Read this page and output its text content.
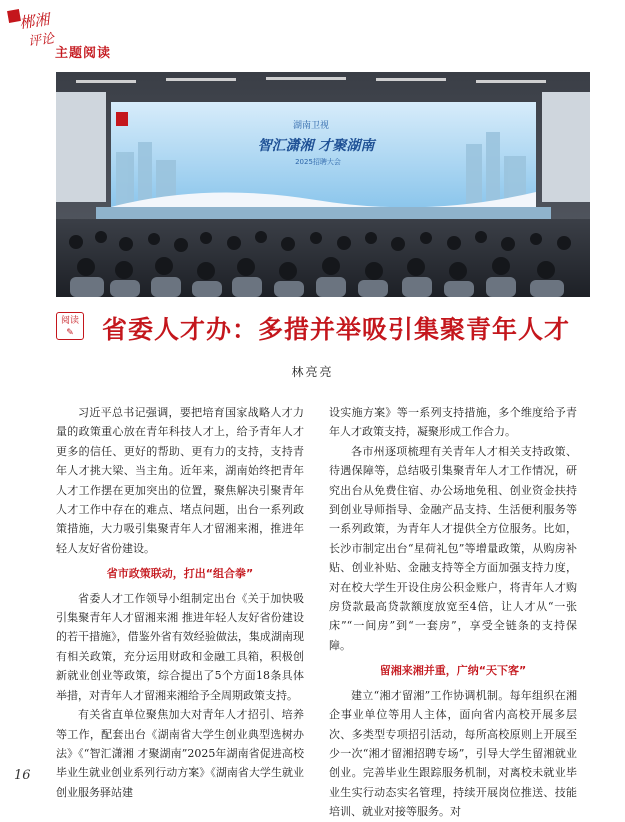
郴湘
评论
主题阅读
湖南卫视
智汇潇湘 才聚湖南
2025招聘大会
阅读
✎	省委人才办：多措并举吸引集聚青年人才
林亮亮

习近平总书记强调，要把培育国家战略人才力量的政策重心放在青年科技人才上，给予青年人才更多的信任、更好的帮助、更有力的支持，支持青年人才挑大梁、当主角。近年来，湖南始终把青年人才工作摆在更加突出的位置，聚焦解决引聚青年人才工作中存在的难点、堵点问题，出台一系列政策措施，大力吸引集聚青年人才留湘来湘，推进年轻人友好省份建设。

省市政策联动，打出“组合拳”

省委人才工作领导小组制定出台《关于加快吸引集聚青年人才留湘来湘 推进年轻人友好省份建设的若干措施》，借鉴外省有效经验做法，集成湖南现有相关政策，充分运用财政和金融工具箱，积极创新就业创业等政策，综合提出了5个方面18条具体举措，对青年人才留湘来湘给予全周期政策支持。

有关省直单位聚焦加大对青年人才招引、培养等工作，配套出台《湖南省大学生创业典型选树办法》《“智汇潇湘 才聚湖南”2025年湖南省促进高校毕业生就业创业系列行动方案》《湖南省大学生就业创业服务驿站建

设实施方案》等一系列支持措施，多个维度给予青年人才政策支持，凝聚形成工作合力。

各市州逐项梳理有关青年人才相关支持政策、待遇保障等，总结吸引集聚青年人才工作情况，研究出台从免费住宿、办公场地免租、创业资金扶持到创业导师指导、金融产品支持、生活便利服务等一系列政策，为青年人才提供全方位服务。比如，长沙市制定出台“星荷礼包”等增量政策，从购房补贴、创业补贴、金融支持等全方面加强支持力度，对在校大学生开设住房公积金账户，将青年人才购房贷款最高贷款额度放宽至4倍，让人才从“一张床”“一间房”到“一套房”，享受全链条的支持保障。

留湘来湘并重，广纳“天下客”

建立“湘才留湘”工作协调机制。每年组织在湘企事业单位等用人主体，面向省内高校开展多层次、多类型专项招引活动，每所高校原则上开展至少一次“湘才留湘招聘专场”，引导大学生留湘就业创业。完善毕业生跟踪服务机制，对离校未就业毕业生实行动态实名管理，持续开展岗位推送、技能培训、就业对接等服务。对

16
